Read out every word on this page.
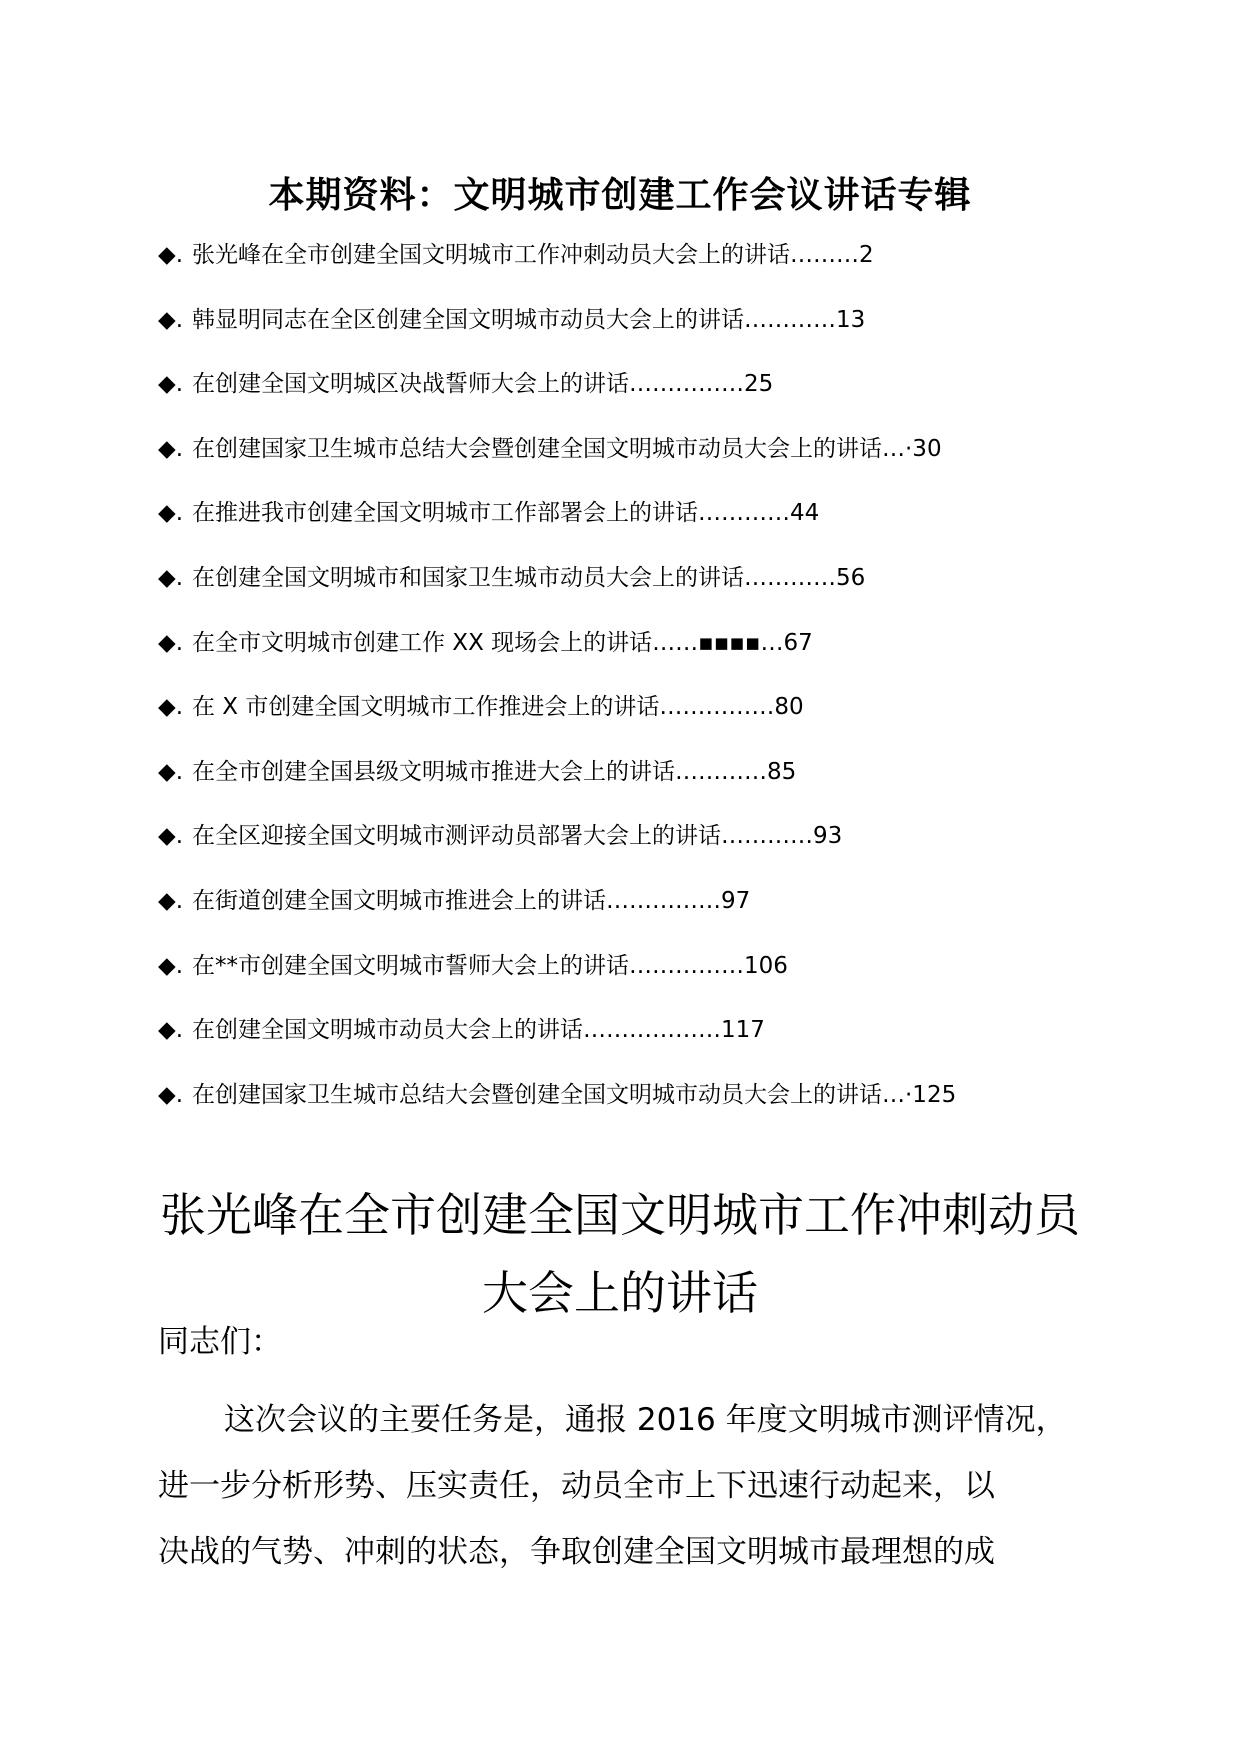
本期资料：文明城市创建工作会议讲话专辑
◆. 张光峰在全市创建全国文明城市工作冲刺动员大会上的讲话………2
◆. 韩显明同志在全区创建全国文明城市动员大会上的讲话…………13
◆. 在创建全国文明城区决战誓师大会上的讲话……………25
◆. 在创建国家卫生城市总结大会暨创建全国文明城市动员大会上的讲话…·30
◆. 在推进我市创建全国文明城市工作部署会上的讲话…………44
◆. 在创建全国文明城市和国家卫生城市动员大会上的讲话…………56
◆. 在全市文明城市创建工作 XX 现场会上的讲话……▪▪▪▪…67
◆. 在 X 市创建全国文明城市工作推进会上的讲话……………80
◆. 在全市创建全国县级文明城市推进大会上的讲话…………85
◆. 在全区迎接全国文明城市测评动员部署大会上的讲话…………93
◆. 在街道创建全国文明城市推进会上的讲话……………97
◆. 在**市创建全国文明城市誓师大会上的讲话……………106
◆. 在创建全国文明城市动员大会上的讲话………………117
◆. 在创建国家卫生城市总结大会暨创建全国文明城市动员大会上的讲话…·125
张光峰在全市创建全国文明城市工作冲刺动员
大会上的讲话
同志们：
这次会议的主要任务是，通报 2016 年度文明城市测评情况，
进一步分析形势、压实责任，动员全市上下迅速行动起来，以
决战的气势、冲刺的状态，争取创建全国文明城市最理想的成
